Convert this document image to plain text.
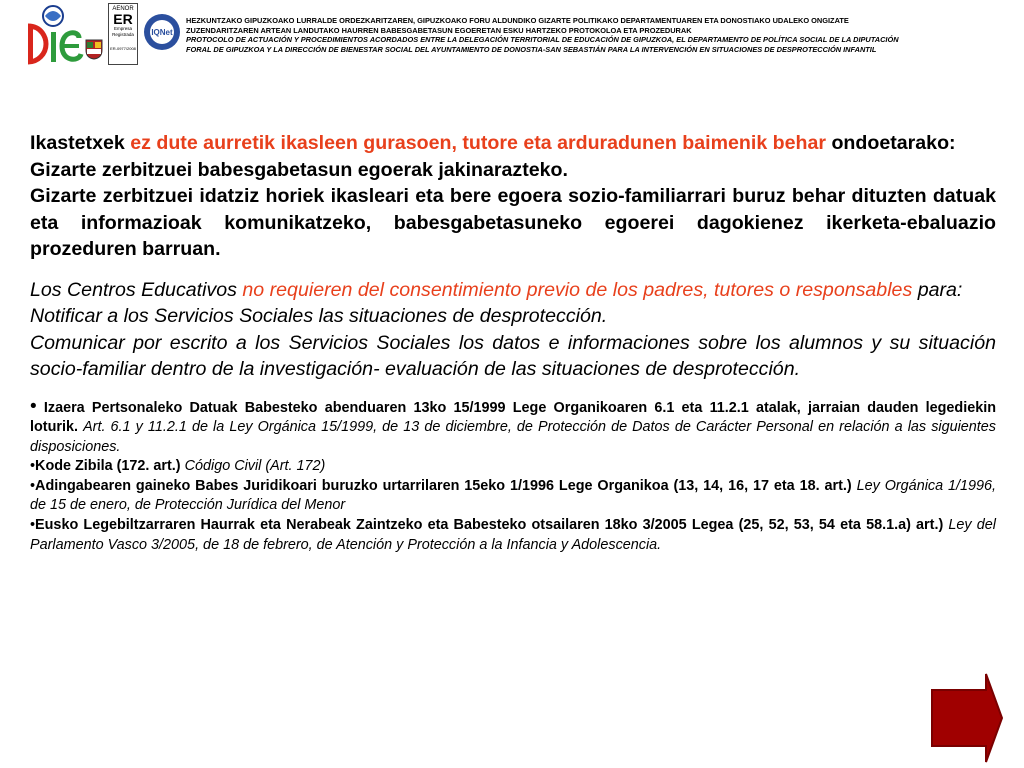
AENOR
ER
Empresa Registrada
ER-0977/2008
IQNet

HEZKUNTZAKO GIPUZKOAKO LURRALDE ORDEZKARITZAREN, GIPUZKOAKO FORU ALDUNDIKO GIZARTE POLITIKAKO DEPARTAMENTUAREN ETA DONOSTIAKO UDALEKO ONGIZATE

ZUZENDARITZAREN ARTEAN LANDUTAKO HAURREN BABESGABETASUN EGOERETAN ESKU HARTZEKO PROTOKOLOA ETA PROZEDURAK

PROTOCOLO DE ACTUACIÓN Y PROCEDIMIENTOS ACORDADOS ENTRE LA DELEGACIÓN TERRITORIAL DE EDUCACIÓN DE GIPUZKOA, EL DEPARTAMENTO DE POLÍTICA SOCIAL DE LA DIPUTACIÓN

FORAL DE GIPUZKOA Y LA DIRECCIÓN DE BIENESTAR SOCIAL DEL AYUNTAMIENTO DE DONOSTIA-SAN SEBASTIÁN PARA LA INTERVENCIÓN EN SITUACIONES DE DESPROTECCIÓN INFANTIL

Ikastetxek ez dute aurretik ikasleen gurasoen, tutore eta arduradunen baimenik behar ondoetarako:

Gizarte zerbitzuei babesgabetasun egoerak jakinarazteko.

Gizarte zerbitzuei idatziz horiek ikasleari eta bere egoera sozio-familiarrari buruz behar dituzten datuak eta informazioak komunikatzeko, babesgabetasuneko egoerei dagokienez ikerketa-ebaluazio prozeduren barruan.

Los Centros Educativos no requieren del consentimiento previo de los padres, tutores o responsables para:

Notificar a los Servicios Sociales las situaciones de desprotección.

Comunicar por escrito a los Servicios Sociales los datos e informaciones sobre los alumnos y su situación socio-familiar dentro de la investigación- evaluación de las situaciones de desprotección.

• Izaera Pertsonaleko Datuak Babesteko abenduaren 13ko 15/1999 Lege Organikoaren 6.1 eta 11.2.1 atalak, jarraian dauden legediekin loturik. Art. 6.1 y 11.2.1 de la Ley Orgánica 15/1999, de 13 de diciembre, de Protección de Datos de Carácter Personal en relación a las siguientes disposiciones.

•Kode Zibila (172. art.) Código Civil (Art. 172)

•Adingabearen gaineko Babes Juridikoari buruzko urtarrilaren 15eko 1/1996 Lege Organikoa (13, 14, 16, 17 eta 18. art.) Ley Orgánica 1/1996, de 15 de enero, de Protección Jurídica del Menor

•Eusko Legebiltzarraren Haurrak eta Nerabeak Zaintzeko eta Babesteko otsailaren 18ko 3/2005 Legea (25, 52, 53, 54 eta 58.1.a) art.) Ley del Parlamento Vasco 3/2005, de 18 de febrero, de Atención y Protección a la Infancia y Adolescencia.
